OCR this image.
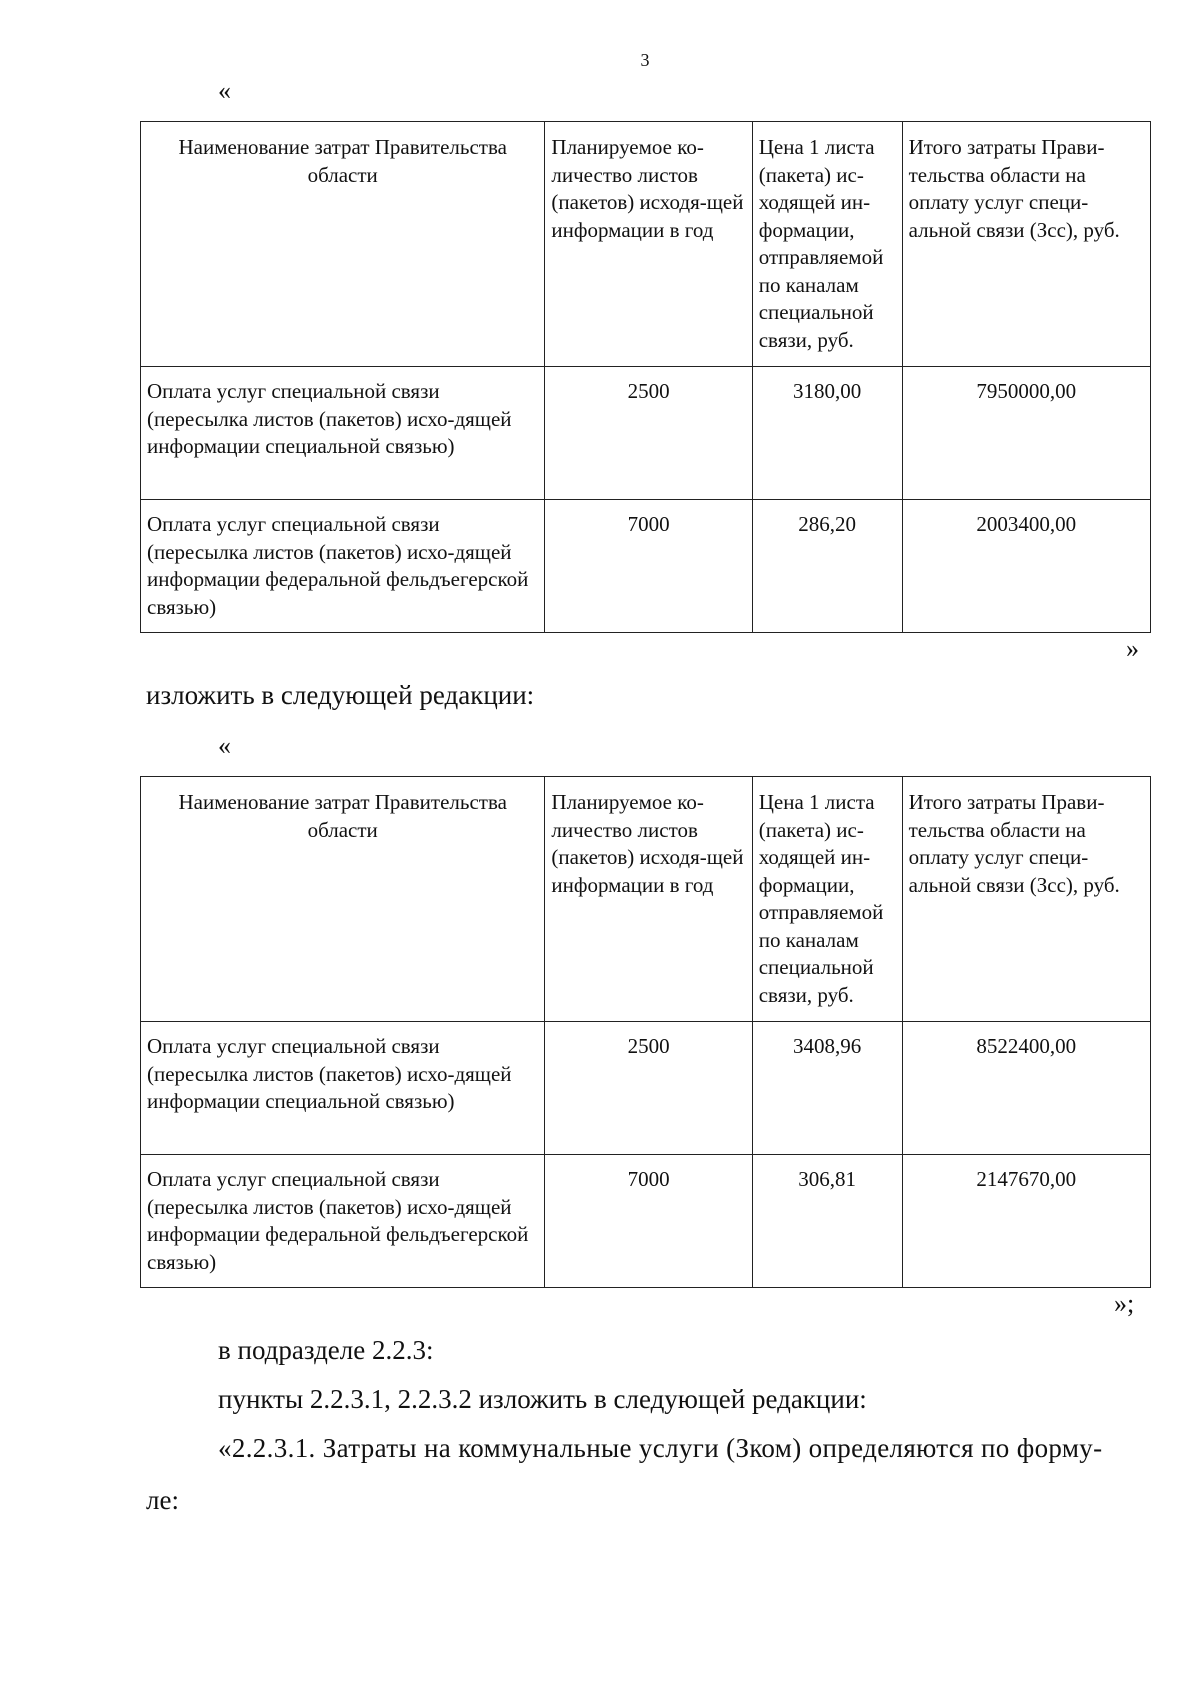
3
«
Наименование затрат Правительства области	Планируемое ко-личество листов (пакетов) исходя-щей информации в год	Цена 1 листа (пакета) ис-ходящей ин-формации, отправляемой по каналам специальной связи, руб.	Итого затраты Прави-тельства области на оплату услуг специ-альной связи (Зсс), руб.
Оплата услуг специальной связи (пересылка листов (пакетов) исхо-дящей информации специальной связью)	2500	3180,00	7950000,00
Оплата услуг специальной связи (пересылка листов (пакетов) исхо-дящей информации федеральной фельдъегерской связью)	7000	286,20	2003400,00
»
изложить в следующей редакции:
«
Наименование затрат Правительства области	Планируемое ко-личество листов (пакетов) исходя-щей информации в год	Цена 1 листа (пакета) ис-ходящей ин-формации, отправляемой по каналам специальной связи, руб.	Итого затраты Прави-тельства области на оплату услуг специ-альной связи (Зсс), руб.
Оплата услуг специальной связи (пересылка листов (пакетов) исхо-дящей информации специальной связью)	2500	3408,96	8522400,00
Оплата услуг специальной связи (пересылка листов (пакетов) исхо-дящей информации федеральной фельдъегерской связью)	7000	306,81	2147670,00
»;
в подразделе 2.2.3:
пункты 2.2.3.1, 2.2.3.2 изложить в следующей редакции:
«2.2.3.1. Затраты на коммунальные услуги (Зком) определяются по форму-
ле:
